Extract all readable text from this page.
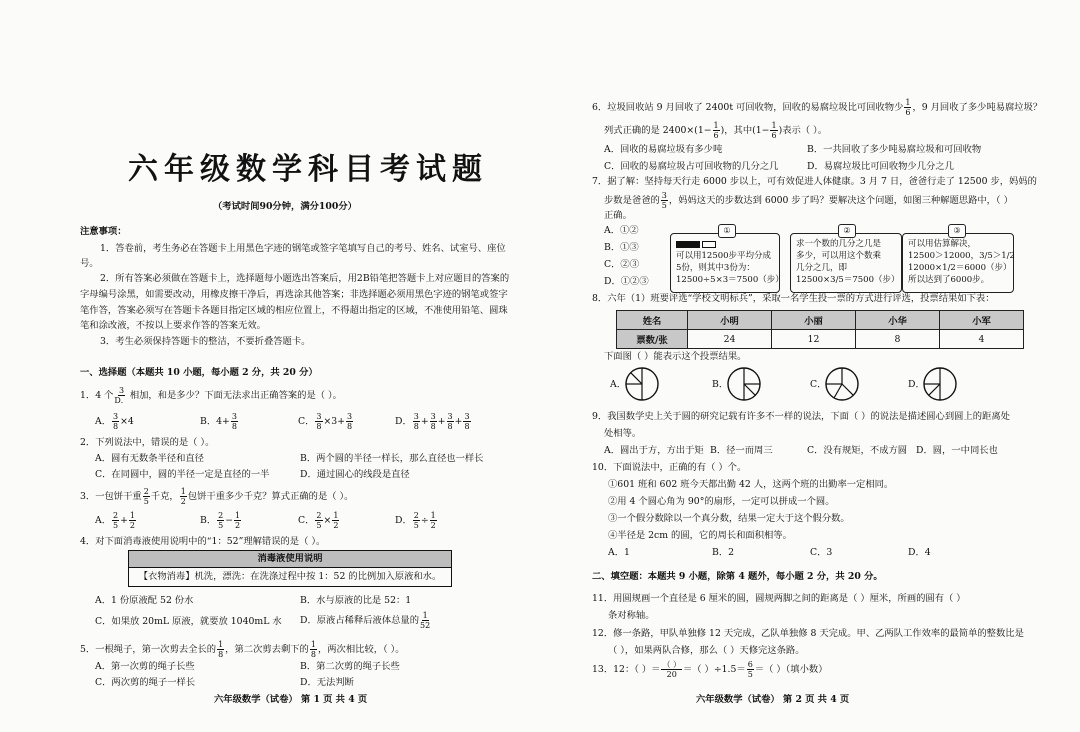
六年级数学科目考试题
（考试时间90分钟，满分100分）
注意事项：
1．答卷前，考生务必在答题卡上用黑色字迹的钢笔或签字笔填写自己的考号、姓名、试室号、座位
号。
2．所有答案必须做在答题卡上，选择题每小题选出答案后，用2B铅笔把答题卡上对应题目的答案的
字母编号涂黑，如需要改动，用橡皮擦干净后，再选涂其他答案；非选择题必须用黑色字迹的钢笔或签字
笔作答，答案必须写在答题卡各题目指定区域的相应位置上，不得超出指定的区域，不准使用铅笔、圆珠
笔和涂改液，不按以上要求作答的答案无效。
3．考生必须保持答题卡的整洁，不要折叠答题卡。
一、选择题（本题共 10 小题，每小题 2 分，共 20 分）
1．4 个 $\frac{3}{D.}$ 相加，和是多少？下面无法求出正确答案的是（ ）。
A． $\frac{3}{8} \times 4$	B．$4+ \frac{3}{8}$	C． $\frac{3}{8} \times 3+ \frac{3}{8}$	D． $\frac{3}{8} + \frac{3}{8} + \frac{3}{8} + \frac{3}{8}$
2．下列说法中，错误的是（ ）。
A．圆有无数条半径和直径	B．两个圆的半径一样长，那么直径也一样长
C．在同圆中，圆的半径一定是直径的一半	D．通过圆心的线段是直径
3．一包饼干重 $\frac{2}{5}$ 千克， $\frac{1}{2}$ 包饼干重多少千克？算式正确的是（ ）。
A． $\frac{2}{5} + \frac{1}{2}$	B． $\frac{2}{5} - \frac{1}{2}$	C． $\frac{2}{5} \times \frac{1}{2}$	D． $\frac{2}{5} \div \frac{1}{2}$
4．对下面消毒液使用说明中的“1：52”理解错误的是（ ）。
消毒液使用说明
【衣物消毒】机洗，漂洗：在洗涤过程中按 1：52 的比例加入原液和水。
A．1 份原液配 52 份水	B．水与原液的比是 52：1
C．如果放 20mL 原液，就要放 1040mL 水 D．原液占稀释后液体总量的 $\frac{1}{52}$
5．一根绳子，第一次剪去全长的 $\frac{1}{8}$ ，第二次剪去剩下的 $\frac{1}{8}$ ，两次相比较，（ ）。
A．第一次剪的绳子长些	B．第二次剪的绳子长些
C．两次剪的绳子一样长	D．无法判断
六年级数学（试卷） 第 1 页 共 4 页
6．垃圾回收站 9 月回收了 2400t 可回收物，回收的易腐垃圾比可回收物少 $\frac{1}{6}$ ，9 月回收了多少吨易腐垃圾？
列式正确的是 $2400\times(1- \frac{1}{6}$ )，其中($1- \frac{1}{6}$ )表示（ ）。
A．回收的易腐垃圾有多少吨	B．一共回收了多少吨易腐垃圾和可回收物
C．回收的易腐垃圾占可回收物的几分之几	D．易腐垃圾比可回收物少几分之几
7．据了解：坚持每天行走 6000 步以上，可有效促进人体健康。3 月 7 日，爸爸行走了 12500 步，妈妈的
步数是爸爸的 $\frac{3}{5}$ ，妈妈这天的步数达到 6000 步了吗？要解决这个问题，如图三种解题思路中，（ ）
正确。
A．①②
B．①③
C．②③
D．①②③
可以用12500步平均分成
5份，则其中3份为：
12500÷5×3＝7500（步）
①
求一个数的几分之几是
多少，可以用这个数乘
几分之几，即
12500×3/5＝7500（步）
②
可以用估算解决，
12500＞12000，3/5＞1/2
12000×1/2＝6000（步）
所以达到了6000步。
③
8．六年（1）班要评选“学校文明标兵”，采取一名学生投一票的方式进行评选，投票结果如下表：
姓名	小明	小丽	小华	小军
票数/张	24	12	8	4
下面图（ ）能表示这个投票结果。
A．	B．	C．	D．
9．我国数学史上关于圆的研究记载有许多不一样的说法，下面（ ）的说法是描述圆心到圆上的距离处
处相等。
A．圆出于方，方出于矩 B．径一而周三	C．没有规矩，不成方圆 D．圆，一中同长也
10．下面说法中，正确的有（ ）个。
①601 班和 602 班今天都出勤 42 人，这两个班的出勤率一定相同。
②用 4 个圆心角为 90°的扇形，一定可以拼成一个圆。
③一个假分数除以一个真分数，结果一定大于这个假分数。
④半径是 2cm 的圆，它的周长和面积相等。
A．1	B．2	C．3	D．4
二、填空题：本题共 9 小题，除第 4 题外，每小题 2 分，共 20 分。
11．用圆规画一个直径是 6 厘米的圆，圆规两脚之间的距离是（ ）厘米，所画的圆有（ ）
条对称轴。
12．修一条路，甲队单独修 12 天完成，乙队单独修 8 天完成。甲、乙两队工作效率的最简单的整数比是
（ ），如果两队合修，那么（ ）天修完这条路。
13．12：（ ）＝ $\frac{( )}{20}$ ＝（ ）$\div 1.5= \frac{6}{5}$ ＝（ ）（填小数）
六年级数学（试卷） 第 2 页 共 4 页
